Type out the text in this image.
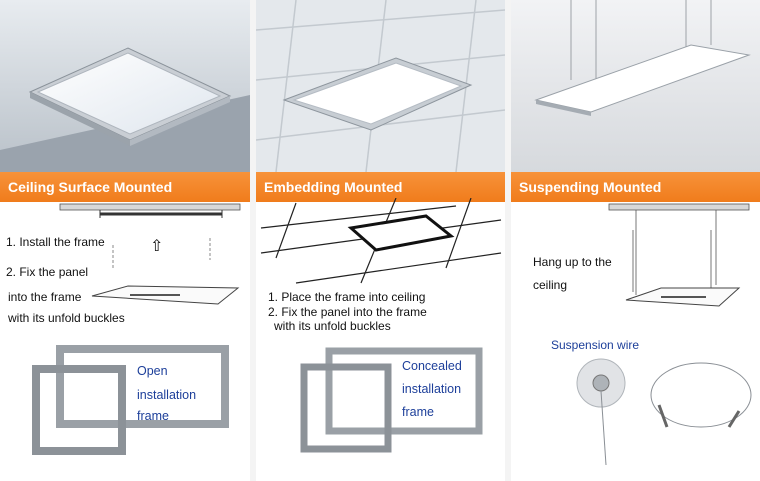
Ceiling Surface Mounted
1. Install the frame	⇧
2. Fix the panel
into the frame
with its unfold buckles
Open
installation
frame
Embedding Mounted
1. Place the frame into ceiling
2. Fix the panel into the frame
with its unfold buckles
Concealed
installation
frame
Suspending Mounted
Hang up to the
ceiling
Suspension wire
